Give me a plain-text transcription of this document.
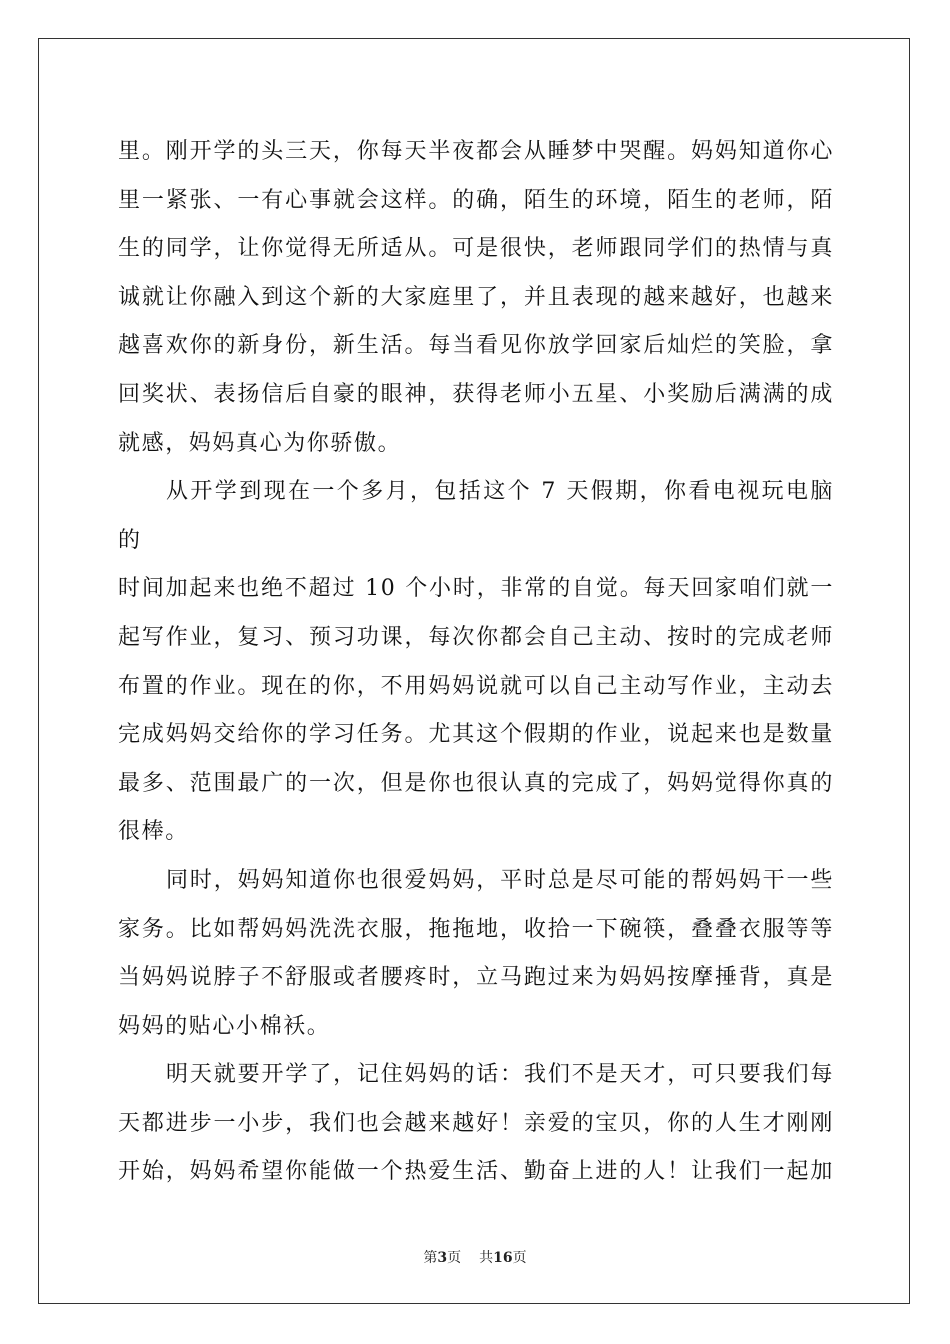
里。刚开学的头三天，你每天半夜都会从睡梦中哭醒。妈妈知道你心

里一紧张、一有心事就会这样。的确，陌生的环境，陌生的老师，陌

生的同学，让你觉得无所适从。可是很快，老师跟同学们的热情与真

诚就让你融入到这个新的大家庭里了，并且表现的越来越好，也越来

越喜欢你的新身份，新生活。每当看见你放学回家后灿烂的笑脸，拿

回奖状、表扬信后自豪的眼神，获得老师小五星、小奖励后满满的成

就感，妈妈真心为你骄傲。

从开学到现在一个多月，包括这个 7 天假期，你看电视玩电脑的

时间加起来也绝不超过 10 个小时，非常的自觉。每天回家咱们就一

起写作业，复习、预习功课，每次你都会自己主动、按时的完成老师

布置的作业。现在的你，不用妈妈说就可以自己主动写作业，主动去

完成妈妈交给你的学习任务。尤其这个假期的作业，说起来也是数量

最多、范围最广的一次，但是你也很认真的完成了，妈妈觉得你真的

很棒。

同时，妈妈知道你也很爱妈妈，平时总是尽可能的帮妈妈干一些

家务。比如帮妈妈洗洗衣服，拖拖地，收拾一下碗筷，叠叠衣服等等

当妈妈说脖子不舒服或者腰疼时，立马跑过来为妈妈按摩捶背，真是

妈妈的贴心小棉袄。

明天就要开学了，记住妈妈的话：我们不是天才，可只要我们每

天都进步一小步，我们也会越来越好！亲爱的宝贝，你的人生才刚刚

开始，妈妈希望你能做一个热爱生活、勤奋上进的人！让我们一起加

第3页 共16页
